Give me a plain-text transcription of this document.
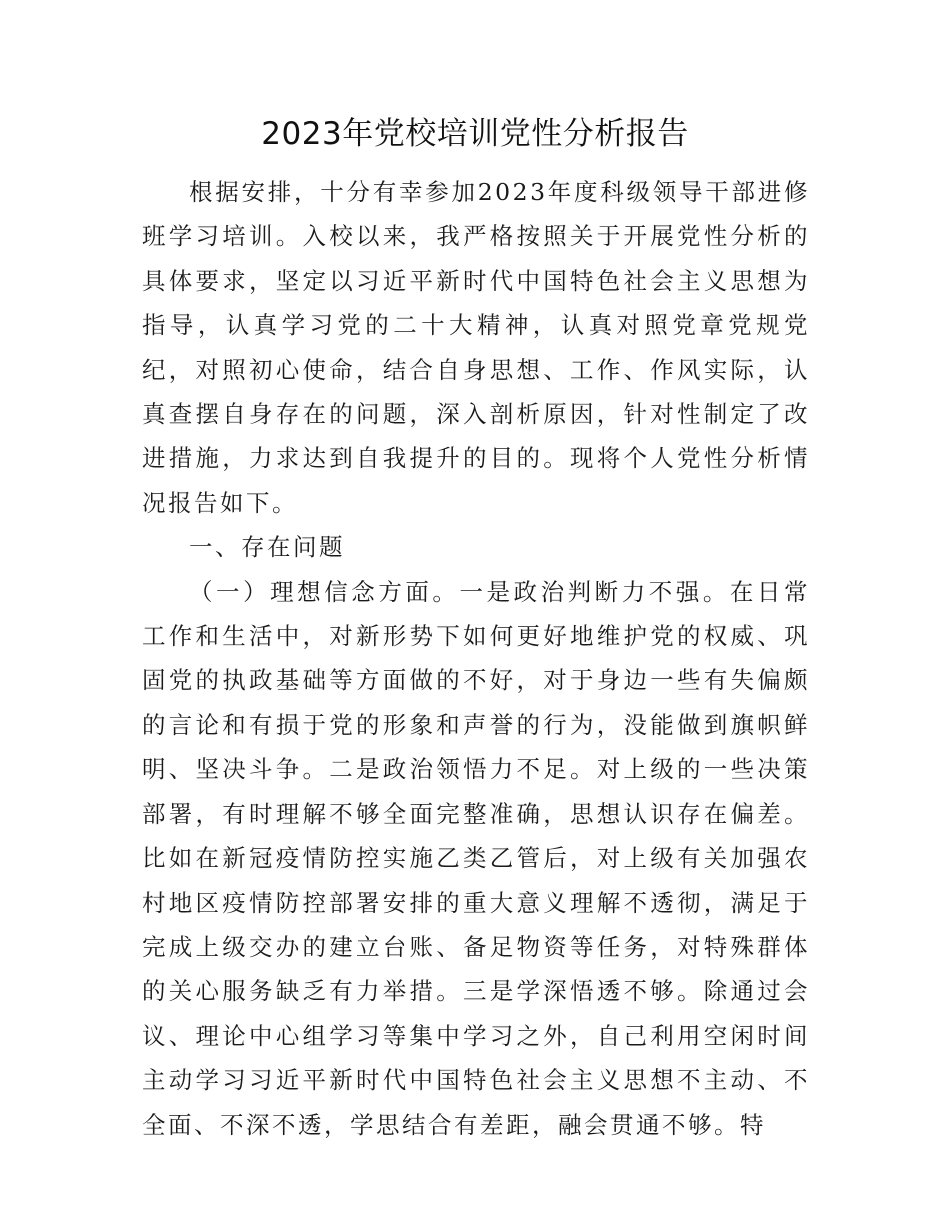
2023年党校培训党性分析报告

根据安排，十分有幸参加2023年度科级领导干部进修班学习培训。入校以来，我严格按照关于开展党性分析的具体要求，坚定以习近平新时代中国特色社会主义思想为指导，认真学习党的二十大精神，认真对照党章党规党纪，对照初心使命，结合自身思想、工作、作风实际，认真查摆自身存在的问题，深入剖析原因，针对性制定了改进措施，力求达到自我提升的目的。现将个人党性分析情况报告如下。

一、存在问题

（一）理想信念方面。一是政治判断力不强。在日常工作和生活中，对新形势下如何更好地维护党的权威、巩固党的执政基础等方面做的不好，对于身边一些有失偏颇的言论和有损于党的形象和声誉的行为，没能做到旗帜鲜明、坚决斗争。二是政治领悟力不足。对上级的一些决策部署，有时理解不够全面完整准确，思想认识存在偏差。比如在新冠疫情防控实施乙类乙管后，对上级有关加强农村地区疫情防控部署安排的重大意义理解不透彻，满足于完成上级交办的建立台账、备足物资等任务，对特殊群体的关心服务缺乏有力举措。三是学深悟透不够。除通过会议、理论中心组学习等集中学习之外，自己利用空闲时间主动学习习近平新时代中国特色社会主义思想不主动、不全面、不深不透，学思结合有差距，融会贯通不够。特
